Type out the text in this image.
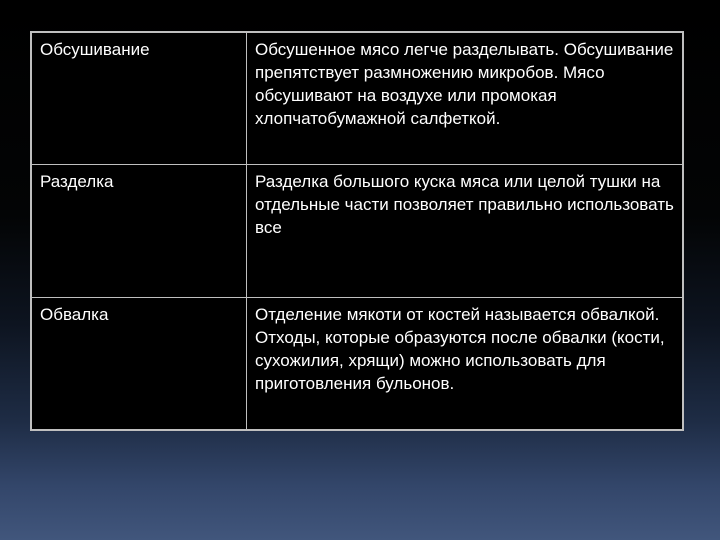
Обсушивание	Обсушенное мясо легче разделывать. Обсушивание препятствует размножению микробов. Мясо обсушивают на воздухе или промокая хлопчатобумажной салфеткой.

Разделка	Разделка большого куска мяса или целой тушки на отдельные части позволяет правильно использовать все

Обвалка	Отделение мякоти от костей называется обвалкой. Отходы, которые образуются после обвалки (кости, сухожилия, хрящи) можно использовать для приготовления бульонов.
